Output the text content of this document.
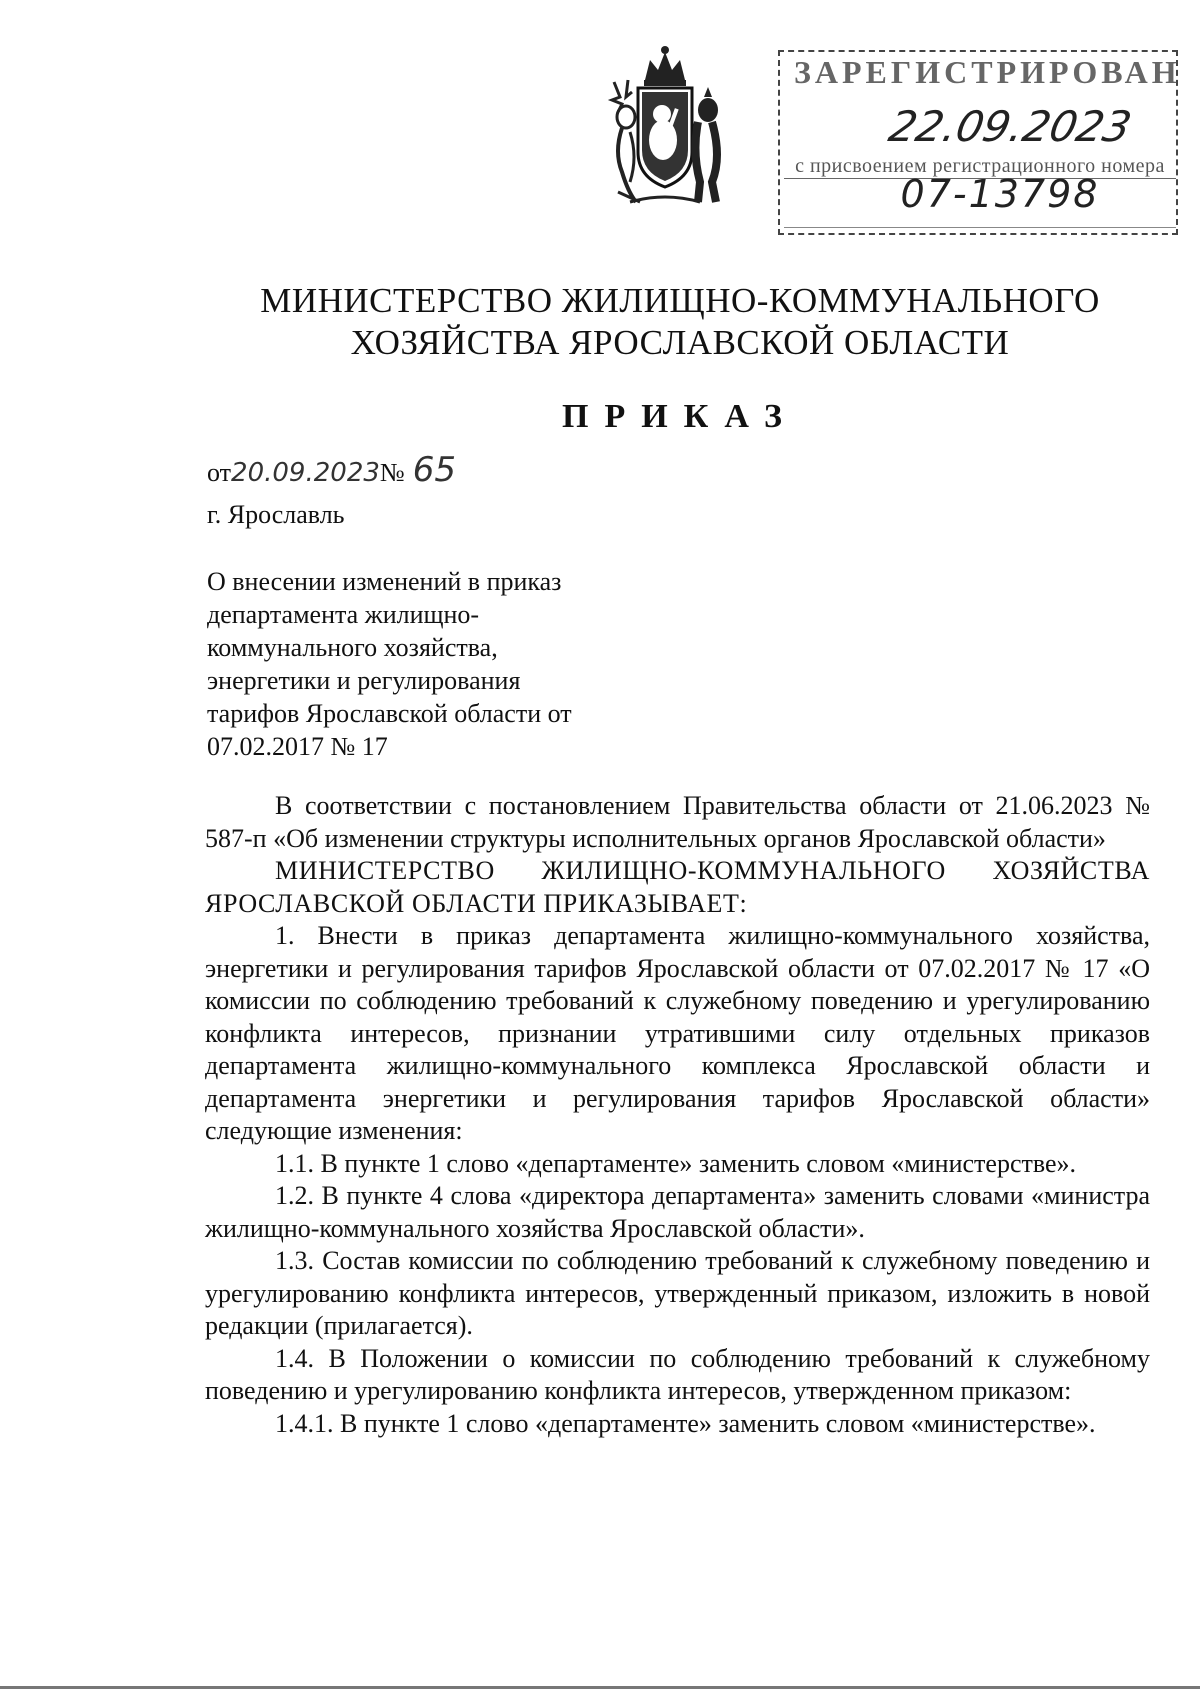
ЗАРЕГИСТРИРОВАН
22.09.2023
с присвоением регистрационного номера
07-13798
МИНИСТЕРСТВО ЖИЛИЩНО-КОММУНАЛЬНОГО
ХОЗЯЙСТВА ЯРОСЛАВСКОЙ ОБЛАСТИ
ПРИКАЗ
от20.09.2023№ 65
г. Ярославль
О внесении изменений в приказ
департамента жилищно-
коммунального хозяйства,
энергетики и регулирования
тарифов Ярославской области от
07.02.2017 № 17

В соответствии с постановлением Правительства области от 21.06.2023 № 587-п «Об изменении структуры исполнительных органов Ярославской области»

МИНИСТЕРСТВО ЖИЛИЩНО-КОММУНАЛЬНОГО ХОЗЯЙСТВА ЯРОСЛАВСКОЙ ОБЛАСТИ ПРИКАЗЫВАЕТ:

1. Внести в приказ департамента жилищно-коммунального хозяйства, энергетики и регулирования тарифов Ярославской области от 07.02.2017 № 17 «О комиссии по соблюдению требований к служебному поведению и урегулированию конфликта интересов, признании утратившими силу отдельных приказов департамента жилищно-коммунального комплекса Ярославской области и департамента энергетики и регулирования тарифов Ярославской области» следующие изменения:

1.1. В пункте 1 слово «департаменте» заменить словом «министерстве».

1.2. В пункте 4 слова «директора департамента» заменить словами «министра жилищно-коммунального хозяйства Ярославской области».

1.3. Состав комиссии по соблюдению требований к служебному поведению и урегулированию конфликта интересов, утвержденный приказом, изложить в новой редакции (прилагается).

1.4. В Положении о комиссии по соблюдению требований к служебному поведению и урегулированию конфликта интересов, утвержденном приказом:

1.4.1. В пункте 1 слово «департаменте» заменить словом «министерстве».
